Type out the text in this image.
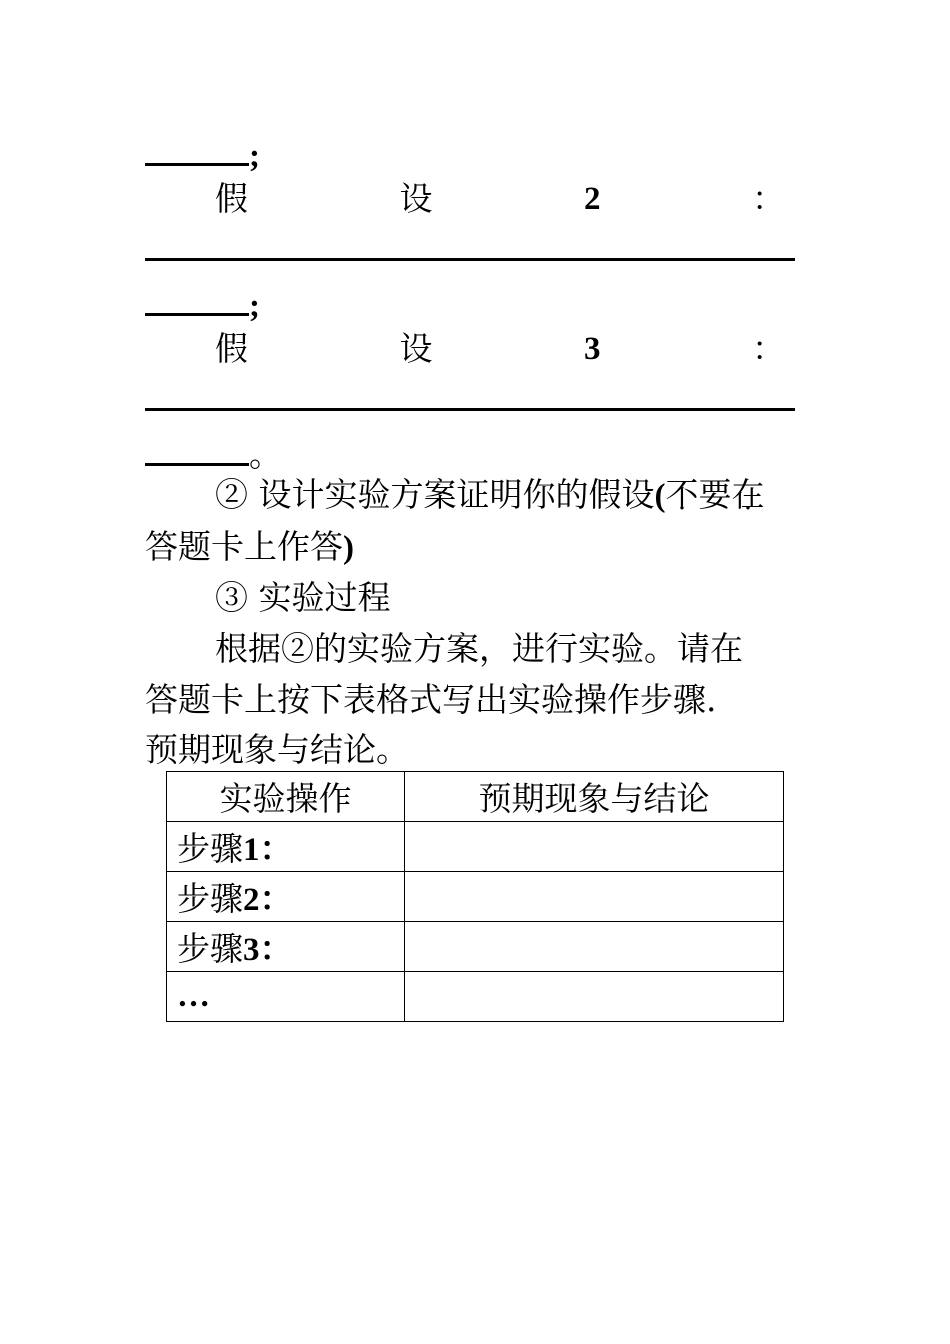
;
假	设	2	：
;
假	设	3	：
。
② 设计实验方案证明你的假设(不要在
答题卡上作答)
③ 实验过程
根据②的实验方案，进行实验。请在
答题卡上按下表格式写出实验操作步骤.
预期现象与结论。
实验操作	预期现象与结论
步骤1：	
步骤2：	
步骤3：	
…	
